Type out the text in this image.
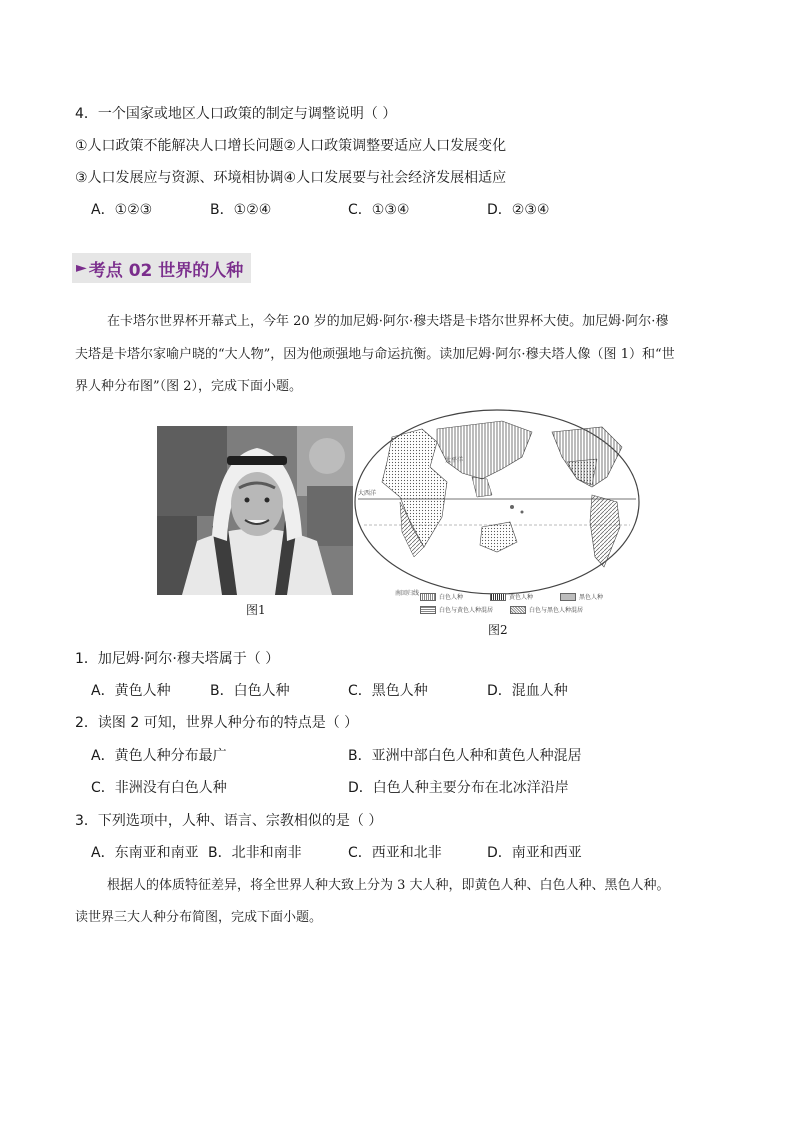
4．一个国家或地区人口政策的制定与调整说明（ ）
①人口政策不能解决人口增长问题②人口政策调整要适应人口发展变化
③人口发展应与资源、环境相协调④人口发展要与社会经济发展相适应
A．①②③	B．①②④	C．①③④	D．②③④
► 考点 02 世界的人种
在卡塔尔世界杯开幕式上，今年 20 岁的加尼姆·阿尔·穆夫塔是卡塔尔世界杯大使。加尼姆·阿尔·穆
夫塔是卡塔尔家喻户晓的“大人物”，因为他顽强地与命运抗衡。读加尼姆·阿尔·穆夫塔人像（图 1）和“世
界人种分布图”（图 2），完成下面小题。
图1
大西洋
南回归线
太平洋
白色人种	黄色人种	黑色人种
白色与黄色人种混居	白色与黑色人种混居
图2
1．加尼姆·阿尔·穆夫塔属于（ ）
A．黄色人种	B．白色人种	C．黑色人种	D．混血人种
2．读图 2 可知，世界人种分布的特点是（ ）
A．黄色人种分布最广	B．亚洲中部白色人种和黄色人种混居
C．非洲没有白色人种	D．白色人种主要分布在北冰洋沿岸
3．下列选项中，人种、语言、宗教相似的是（ ）
A．东南亚和南亚 B．北非和南非	C．西亚和北非	D．南亚和西亚
根据人的体质特征差异，将全世界人种大致上分为 3 大人种，即黄色人种、白色人种、黑色人种。
读世界三大人种分布简图，完成下面小题。
